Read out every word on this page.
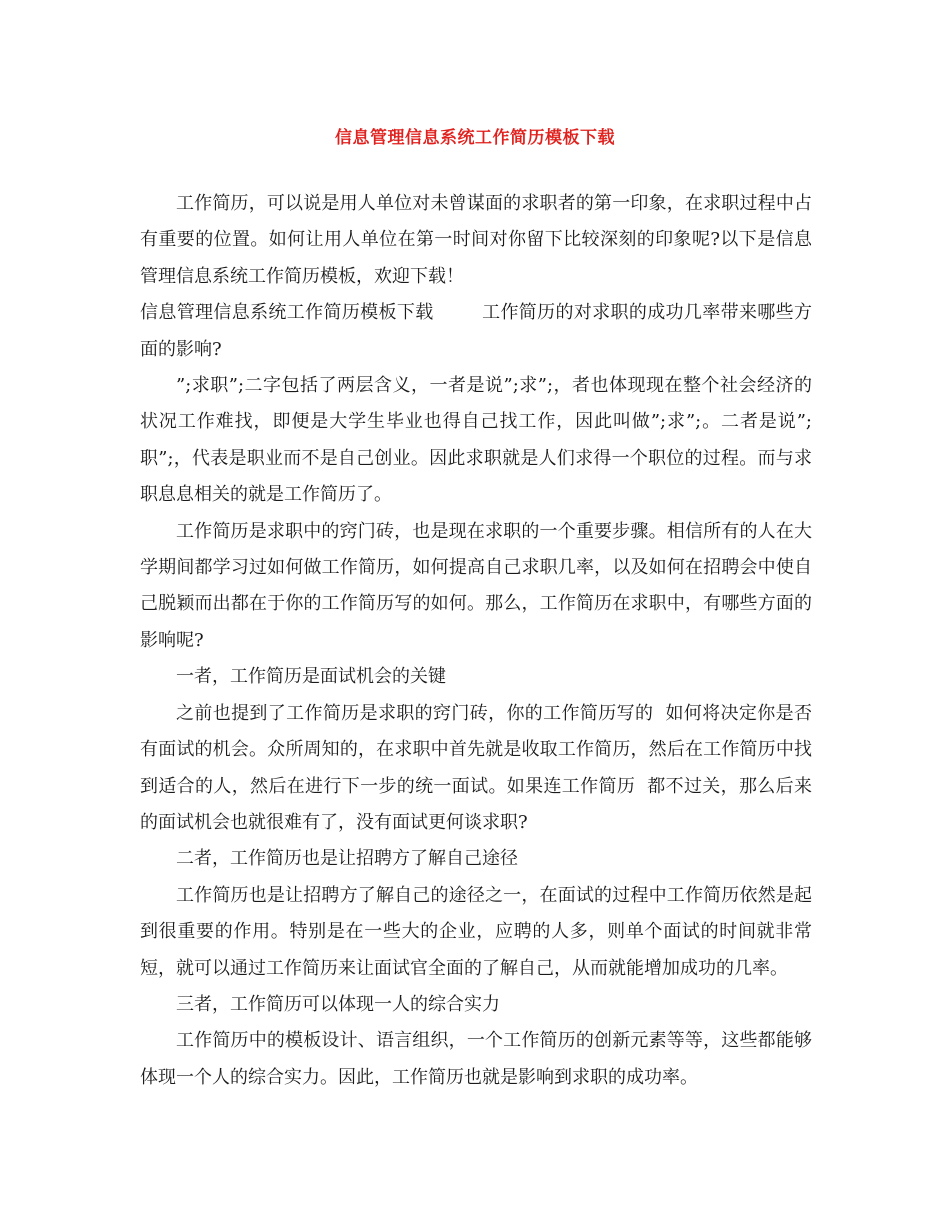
信息管理信息系统工作简历模板下载

工作简历，可以说是用人单位对未曾谋面的求职者的第一印象，在求职过程中占有重要的位置。如何让用人单位在第一时间对你留下比较深刻的印象呢?以下是信息管理信息系统工作简历模板，欢迎下载！

信息管理信息系统工作简历模板下载        工作简历的对求职的成功几率带来哪些方面的影响?

”;求职”;二字包括了两层含义，一者是说”;求”;，者也体现现在整个社会经济的状况工作难找，即便是大学生毕业也得自己找工作，因此叫做”;求”;。二者是说”;职”;，代表是职业而不是自己创业。因此求职就是人们求得一个职位的过程。而与求职息息相关的就是工作简历了。

工作简历是求职中的窍门砖，也是现在求职的一个重要步骤。相信所有的人在大学期间都学习过如何做工作简历，如何提高自己求职几率，以及如何在招聘会中使自己脱颖而出都在于你的工作简历写的如何。那么，工作简历在求职中，有哪些方面的影响呢?

一者，工作简历是面试机会的关键

之前也提到了工作简历是求职的窍门砖，你的工作简历写的  如何将决定你是否有面试的机会。众所周知的，在求职中首先就是收取工作简历，然后在工作简历中找到适合的人，然后在进行下一步的统一面试。如果连工作简历  都不过关，那么后来的面试机会也就很难有了，没有面试更何谈求职?

二者，工作简历也是让招聘方了解自己途径

工作简历也是让招聘方了解自己的途径之一，在面试的过程中工作简历依然是起到很重要的作用。特别是在一些大的企业，应聘的人多，则单个面试的时间就非常短，就可以通过工作简历来让面试官全面的了解自己，从而就能增加成功的几率。

三者，工作简历可以体现一人的综合实力

工作简历中的模板设计、语言组织，一个工作简历的创新元素等等，这些都能够体现一个人的综合实力。因此，工作简历也就是影响到求职的成功率。
